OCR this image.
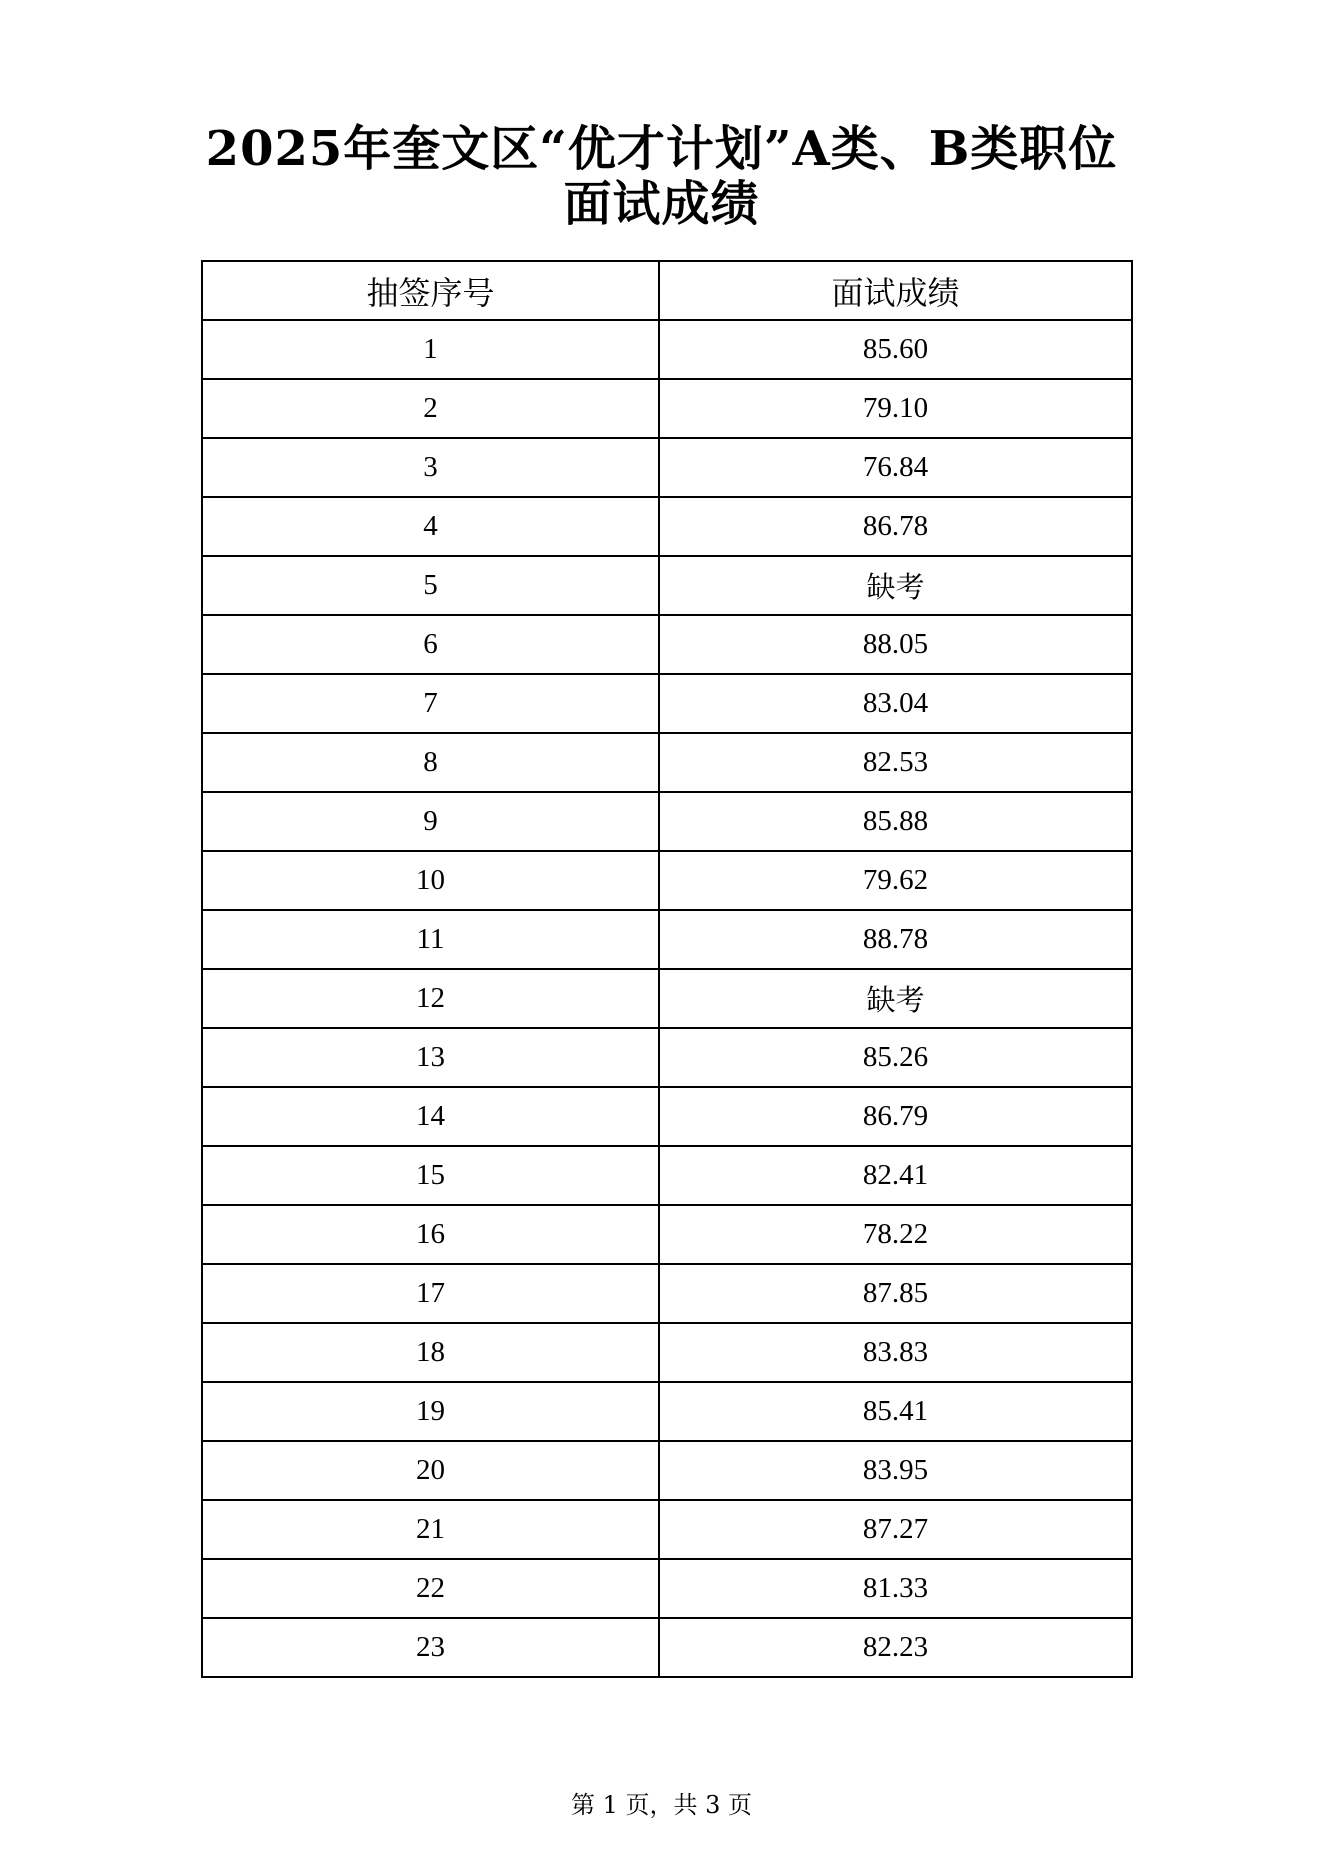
2025年奎文区“优才计划”A类、B类职位
面试成绩
抽签序号	面试成绩
1	85.60
2	79.10
3	76.84
4	86.78
5	缺考
6	88.05
7	83.04
8	82.53
9	85.88
10	79.62
11	88.78
12	缺考
13	85.26
14	86.79
15	82.41
16	78.22
17	87.85
18	83.83
19	85.41
20	83.95
21	87.27
22	81.33
23	82.23
第 1 页，共 3 页
